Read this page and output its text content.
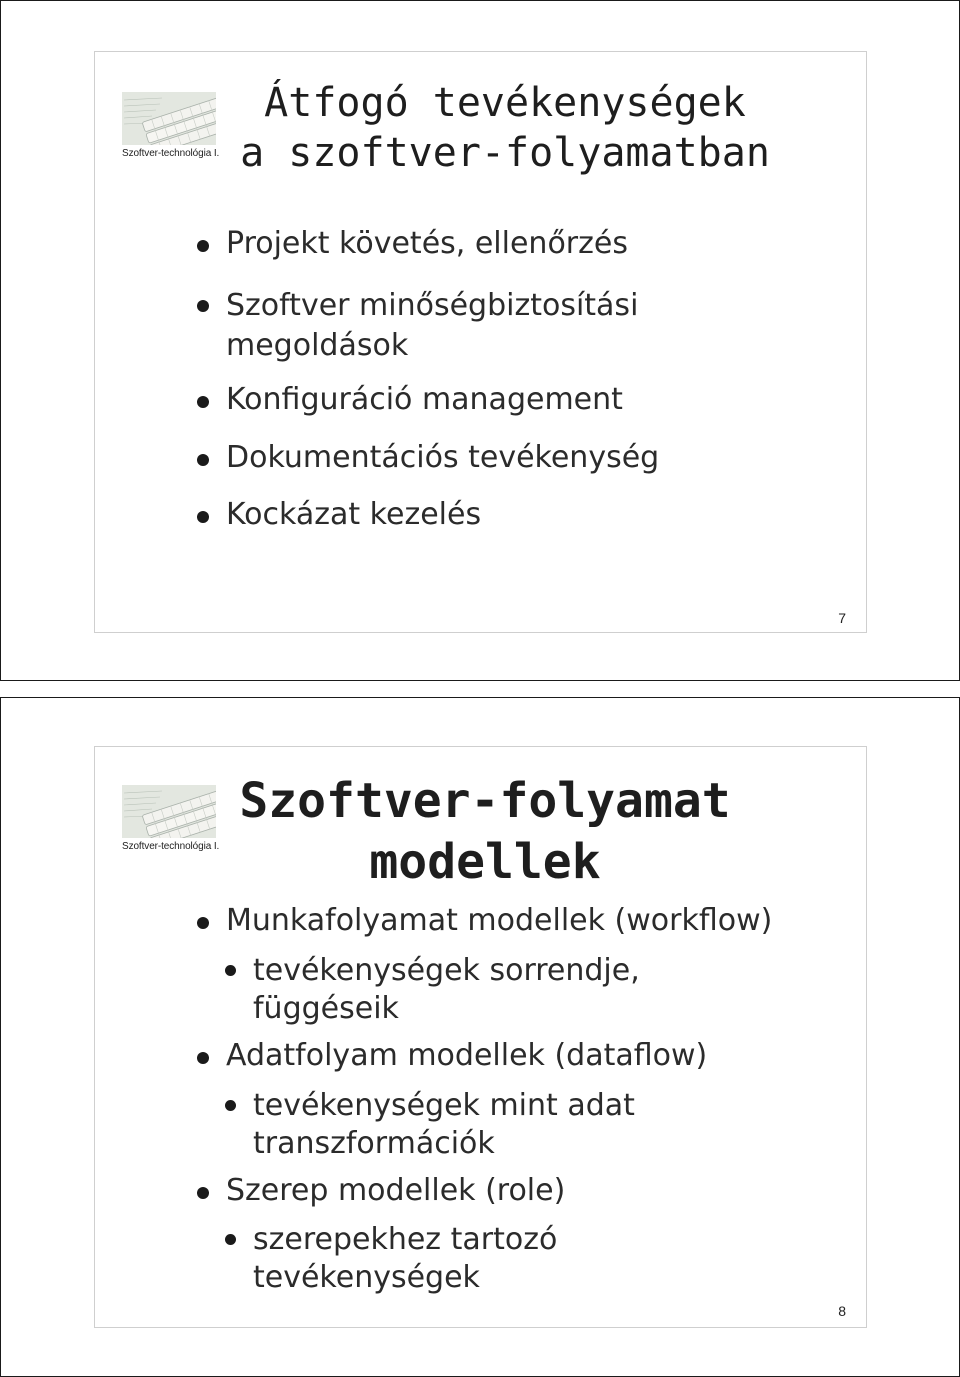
Szoftver-technológia I.
Átfogó tevékenységek
a szoftver-folyamatban
Projekt követés, ellenőrzés
Szoftver minőségbiztosítási
megoldások
Konfiguráció management
Dokumentációs tevékenység
Kockázat kezelés
7
Szoftver-technológia I.
Szoftver-folyamat
modellek
Munkafolyamat modellek (workflow)
tevékenységek sorrendje,
függéseik
Adatfolyam modellek (dataflow)
tevékenységek mint adat
transzformációk
Szerep modellek (role)
szerepekhez tartozó
tevékenységek
8
